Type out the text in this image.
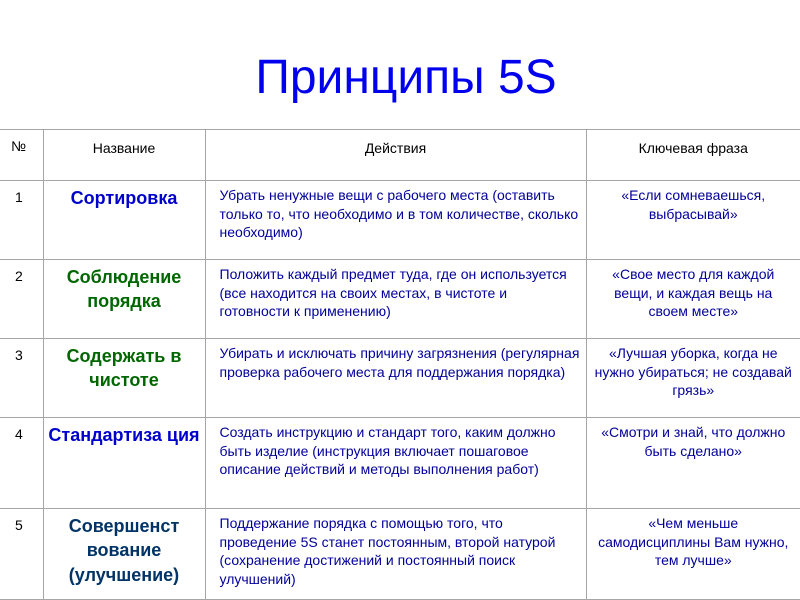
Принципы 5S
№	Название	Действия	Ключевая фраза

1	Сортировка	Убрать ненужные вещи с рабочего места (оставить только то, что необходимо и в том количестве, сколько необходимо)	«Если сомневаешься, выбрасывай»
2	Соблюдение порядка	Положить каждый предмет туда, где он используется (все находится на своих местах, в чистоте и готовности к применению)	«Свое место для каждой вещи, и каждая вещь на своем месте»
3	Содержать в чистоте	Убирать и исключать причину загрязнения (регулярная проверка рабочего места для поддержания порядка)	«Лучшая уборка, когда не нужно убираться; не создавай грязь»
4	Стандартиза ция	Создать инструкцию и стандарт того, каким должно быть изделие (инструкция включает пошаговое описание действий и методы выполнения работ)	«Смотри и знай, что должно быть сделано»
5	Совершенст вование (улучшение)	Поддержание порядка с помощью того, что проведение 5S станет постоянным, второй натурой (сохранение достижений и постоянный поиск улучшений)	«Чем меньше самодисциплины Вам нужно, тем лучше»
